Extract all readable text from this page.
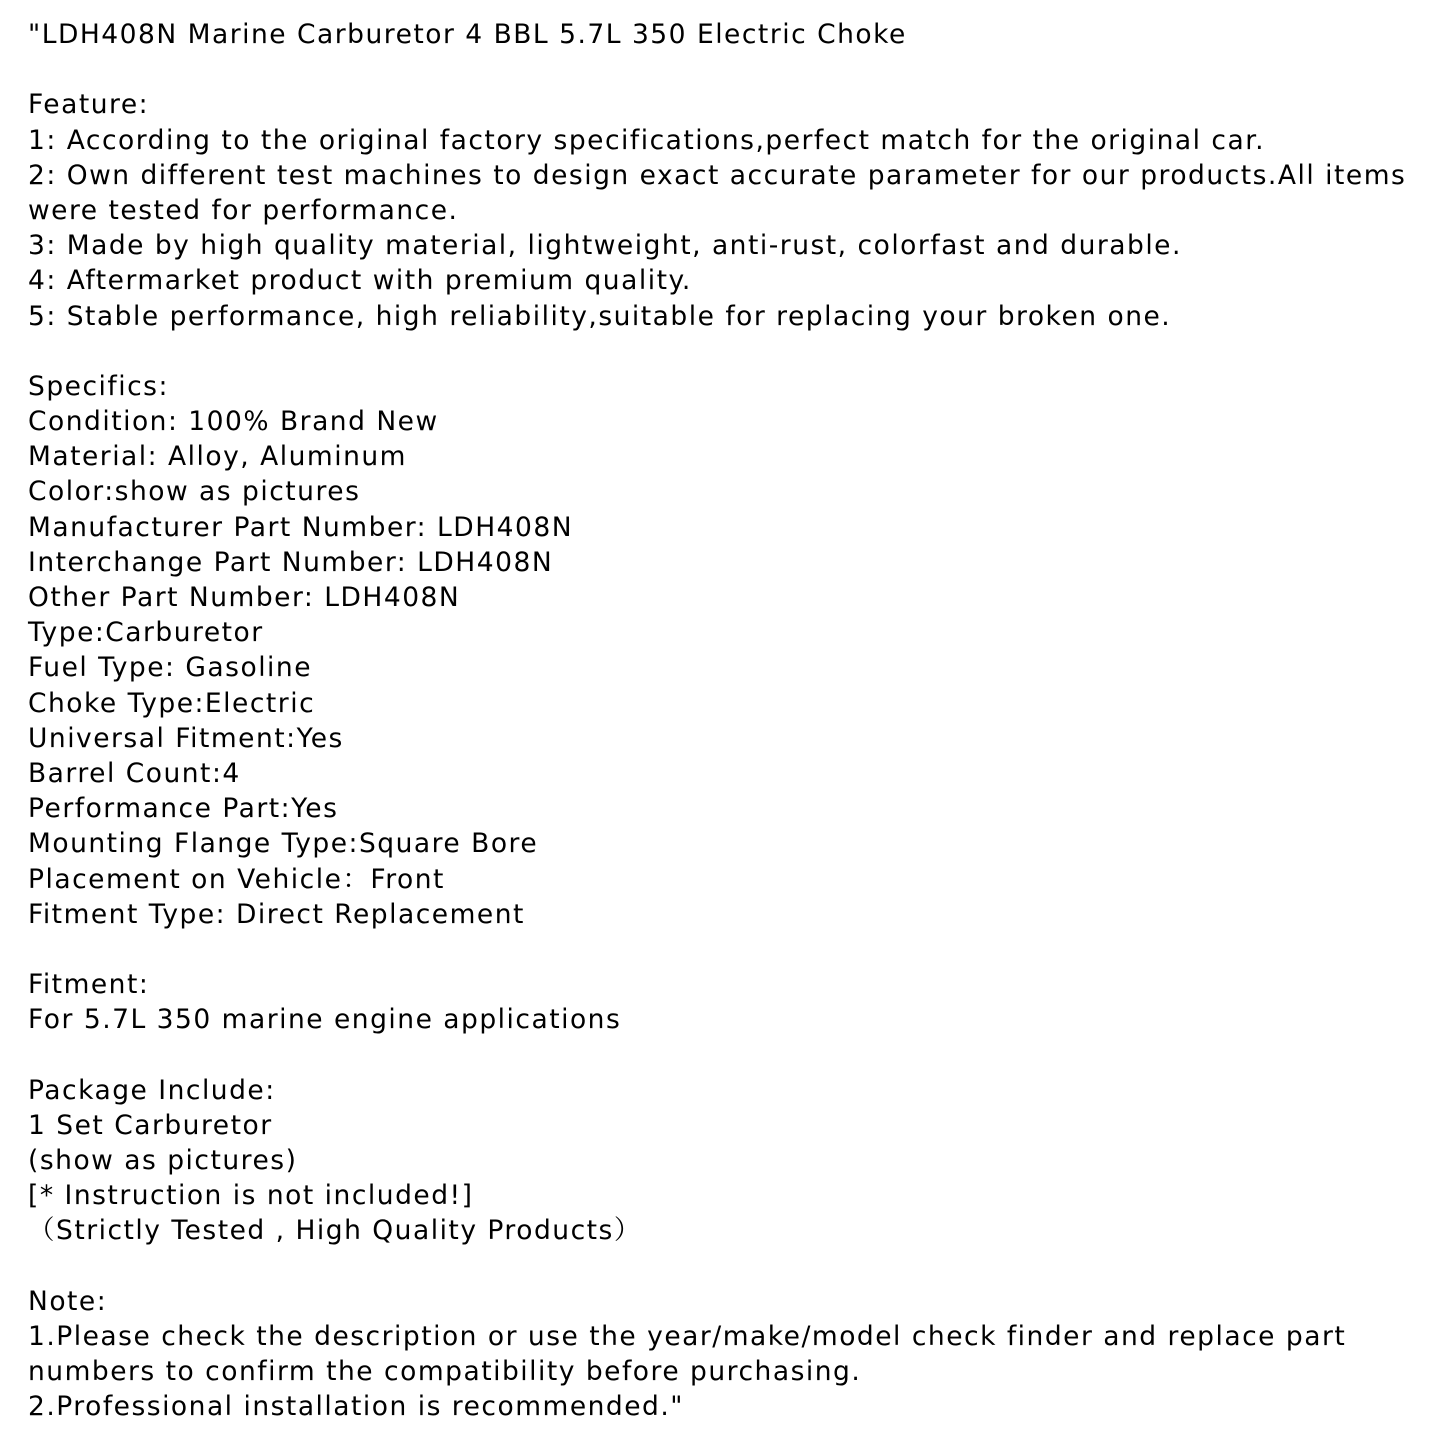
"LDH408N Marine Carburetor 4 BBL 5.7L 350 Electric Choke
Feature:
1: According to the original factory specifications,perfect match for the original car.
2: Own different test machines to design exact accurate parameter for our products.All items were tested for performance.
3: Made by high quality material, lightweight, anti-rust, colorfast and durable.
4: Aftermarket product with premium quality.
5: Stable performance, high reliability,suitable for replacing your broken one.
Specifics:
Condition: 100% Brand New
Material: Alloy, Aluminum
Color:show as pictures
Manufacturer Part Number: LDH408N
Interchange Part Number: LDH408N
Other Part Number: LDH408N
Type:Carburetor
Fuel Type: Gasoline
Choke Type:Electric
Universal Fitment:Yes
Barrel Count:4
Performance Part:Yes
Mounting Flange Type:Square Bore
Placement on Vehicle：Front
Fitment Type: Direct Replacement
Fitment:
For 5.7L 350 marine engine applications
Package Include:
1 Set Carburetor
(show as pictures)
[* Instruction is not included!]
（Strictly Tested , High Quality Products）
Note:
1.Please check the description or use the year/make/model check finder and replace part numbers to confirm the compatibility before purchasing.
2.Professional installation is recommended."
